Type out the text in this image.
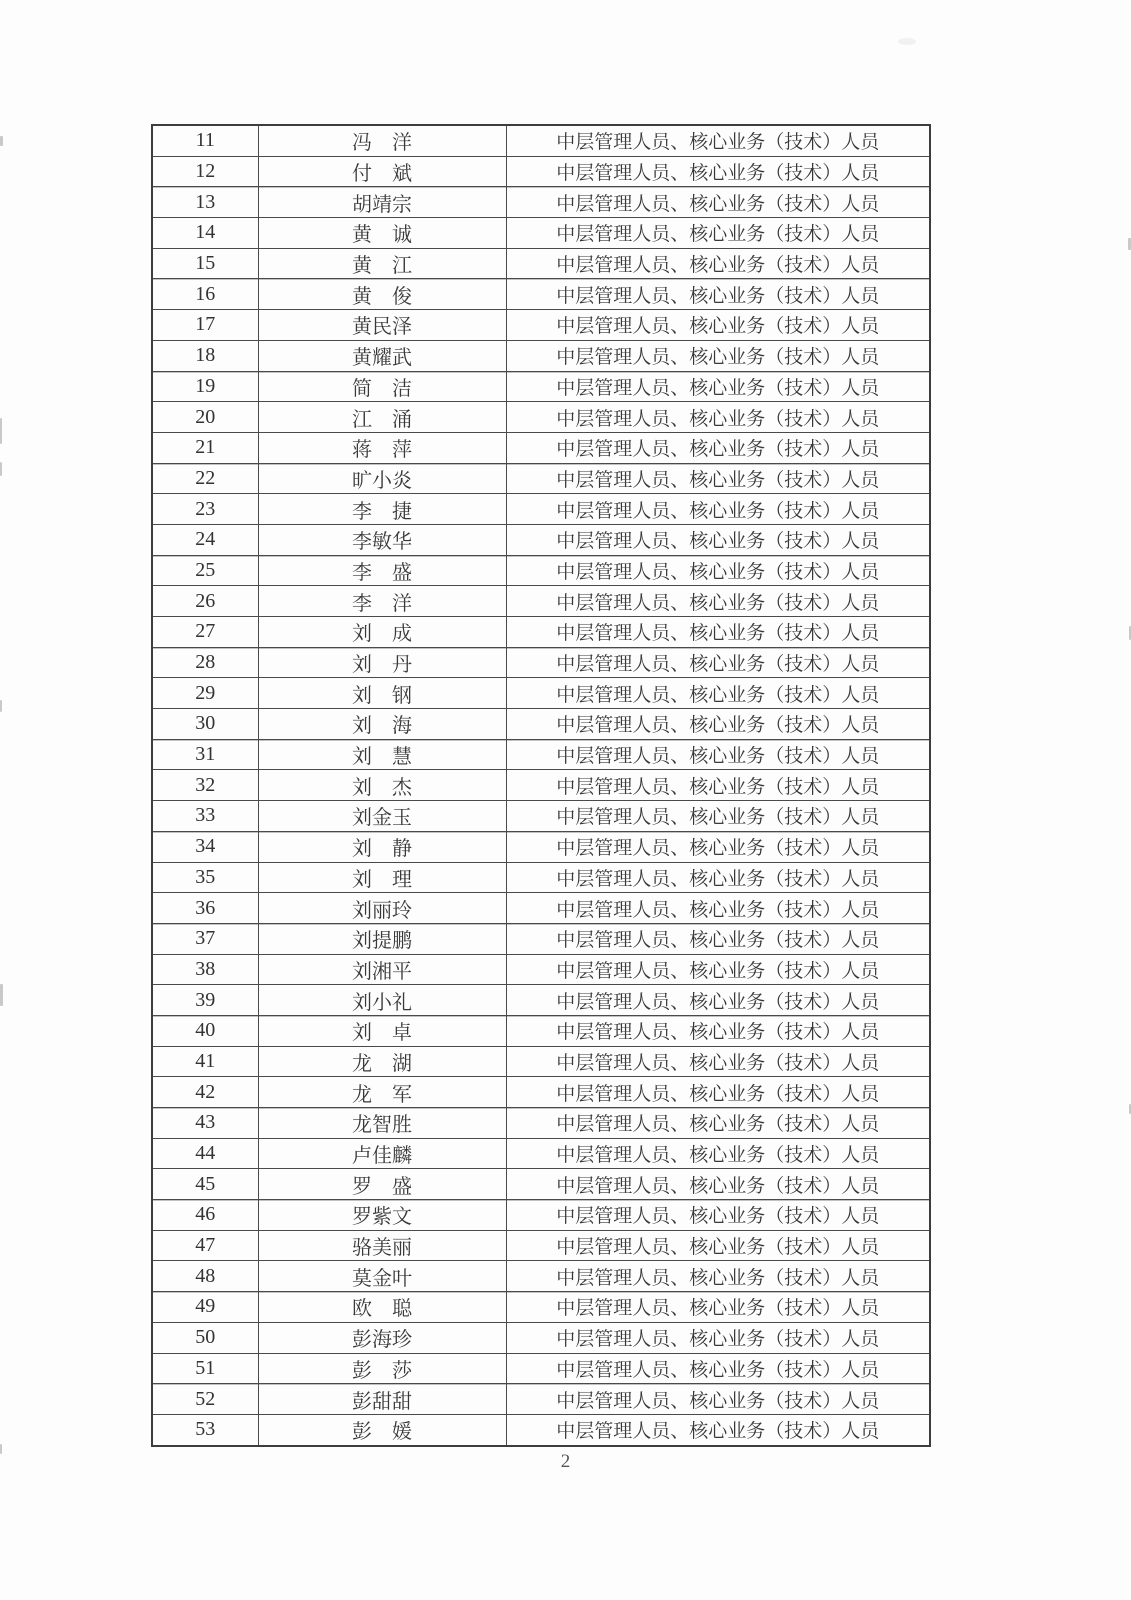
11	冯　洋	中层管理人员、核心业务（技术）人员
12	付　斌	中层管理人员、核心业务（技术）人员
13	胡靖宗	中层管理人员、核心业务（技术）人员
14	黄　诚	中层管理人员、核心业务（技术）人员
15	黄　江	中层管理人员、核心业务（技术）人员
16	黄　俊	中层管理人员、核心业务（技术）人员
17	黄民泽	中层管理人员、核心业务（技术）人员
18	黄耀武	中层管理人员、核心业务（技术）人员
19	简　洁	中层管理人员、核心业务（技术）人员
20	江　涌	中层管理人员、核心业务（技术）人员
21	蒋　萍	中层管理人员、核心业务（技术）人员
22	旷小炎	中层管理人员、核心业务（技术）人员
23	李　捷	中层管理人员、核心业务（技术）人员
24	李敏华	中层管理人员、核心业务（技术）人员
25	李　盛	中层管理人员、核心业务（技术）人员
26	李　洋	中层管理人员、核心业务（技术）人员
27	刘　成	中层管理人员、核心业务（技术）人员
28	刘　丹	中层管理人员、核心业务（技术）人员
29	刘　钢	中层管理人员、核心业务（技术）人员
30	刘　海	中层管理人员、核心业务（技术）人员
31	刘　慧	中层管理人员、核心业务（技术）人员
32	刘　杰	中层管理人员、核心业务（技术）人员
33	刘金玉	中层管理人员、核心业务（技术）人员
34	刘　静	中层管理人员、核心业务（技术）人员
35	刘　理	中层管理人员、核心业务（技术）人员
36	刘丽玲	中层管理人员、核心业务（技术）人员
37	刘提鹏	中层管理人员、核心业务（技术）人员
38	刘湘平	中层管理人员、核心业务（技术）人员
39	刘小礼	中层管理人员、核心业务（技术）人员
40	刘　卓	中层管理人员、核心业务（技术）人员
41	龙　湖	中层管理人员、核心业务（技术）人员
42	龙　军	中层管理人员、核心业务（技术）人员
43	龙智胜	中层管理人员、核心业务（技术）人员
44	卢佳麟	中层管理人员、核心业务（技术）人员
45	罗　盛	中层管理人员、核心业务（技术）人员
46	罗紫文	中层管理人员、核心业务（技术）人员
47	骆美丽	中层管理人员、核心业务（技术）人员
48	莫金叶	中层管理人员、核心业务（技术）人员
49	欧　聪	中层管理人员、核心业务（技术）人员
50	彭海珍	中层管理人员、核心业务（技术）人员
51	彭　莎	中层管理人员、核心业务（技术）人员
52	彭甜甜	中层管理人员、核心业务（技术）人员
53	彭　媛	中层管理人员、核心业务（技术）人员
2
